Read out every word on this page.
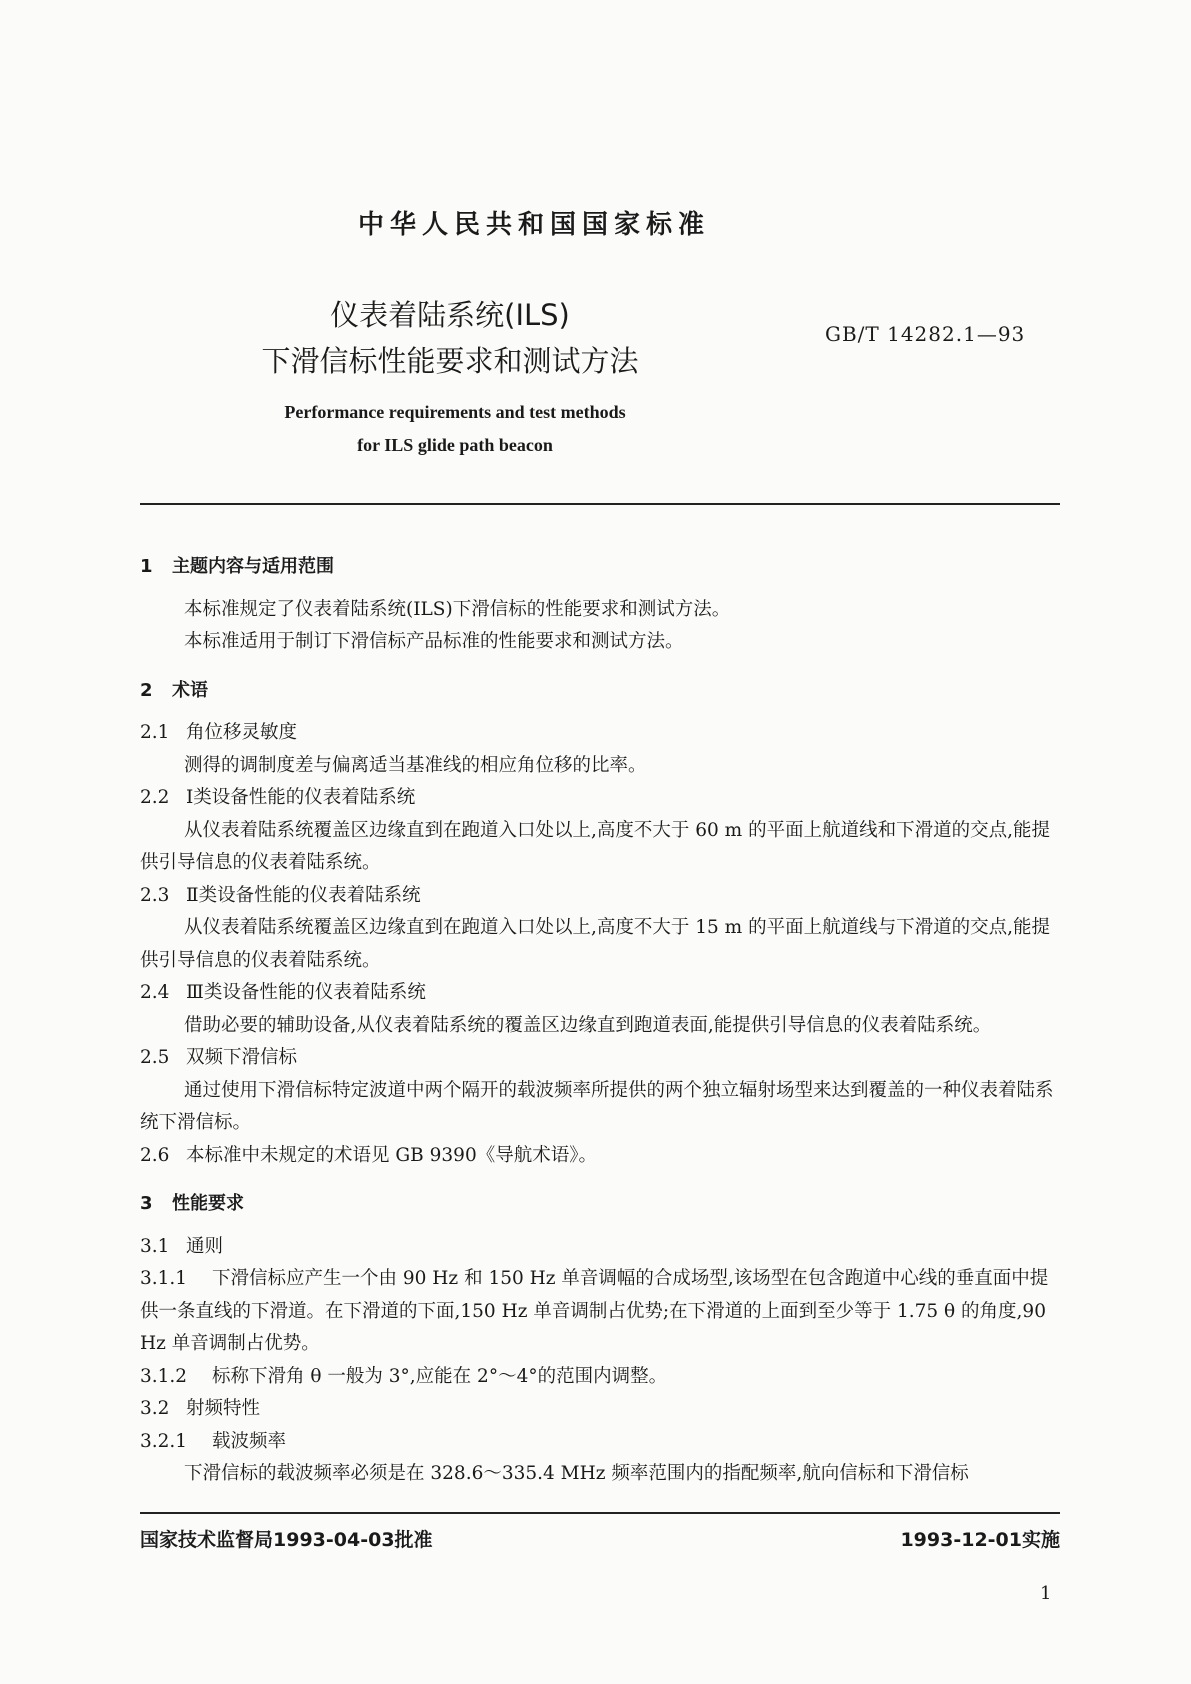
中华人民共和国国家标准
仪表着陆系统(ILS)
下滑信标性能要求和测试方法
GB/T 14282.1—93
Performance requirements and test methods
for ILS glide path beacon
1 主题内容与适用范围

本标准规定了仪表着陆系统(ILS)下滑信标的性能要求和测试方法。

本标准适用于制订下滑信标产品标准的性能要求和测试方法。

2 术语
2.1 角位移灵敏度

测得的调制度差与偏离适当基准线的相应角位移的比率。

2.2 Ⅰ类设备性能的仪表着陆系统

从仪表着陆系统覆盖区边缘直到在跑道入口处以上,高度不大于 60 m 的平面上航道线和下滑道的交点,能提供引导信息的仪表着陆系统。

2.3 Ⅱ类设备性能的仪表着陆系统

从仪表着陆系统覆盖区边缘直到在跑道入口处以上,高度不大于 15 m 的平面上航道线与下滑道的交点,能提供引导信息的仪表着陆系统。

2.4 Ⅲ类设备性能的仪表着陆系统

借助必要的辅助设备,从仪表着陆系统的覆盖区边缘直到跑道表面,能提供引导信息的仪表着陆系统。

2.5 双频下滑信标

通过使用下滑信标特定波道中两个隔开的载波频率所提供的两个独立辐射场型来达到覆盖的一种仪表着陆系统下滑信标。

2.6 本标准中未规定的术语见 GB 9390《导航术语》。
3 性能要求
3.1 通则
3.1.1 下滑信标应产生一个由 90 Hz 和 150 Hz 单音调幅的合成场型,该场型在包含跑道中心线的垂直面中提供一条直线的下滑道。在下滑道的下面,150 Hz 单音调制占优势;在下滑道的上面到至少等于 1.75 θ 的角度,90 Hz 单音调制占优势。
3.1.2 标称下滑角 θ 一般为 3°,应能在 2°～4°的范围内调整。
3.2 射频特性
3.2.1 载波频率

下滑信标的载波频率必须是在 328.6～335.4 MHz 频率范围内的指配频率,航向信标和下滑信标

国家技术监督局1993-04-03批准	1993-12-01实施
1
